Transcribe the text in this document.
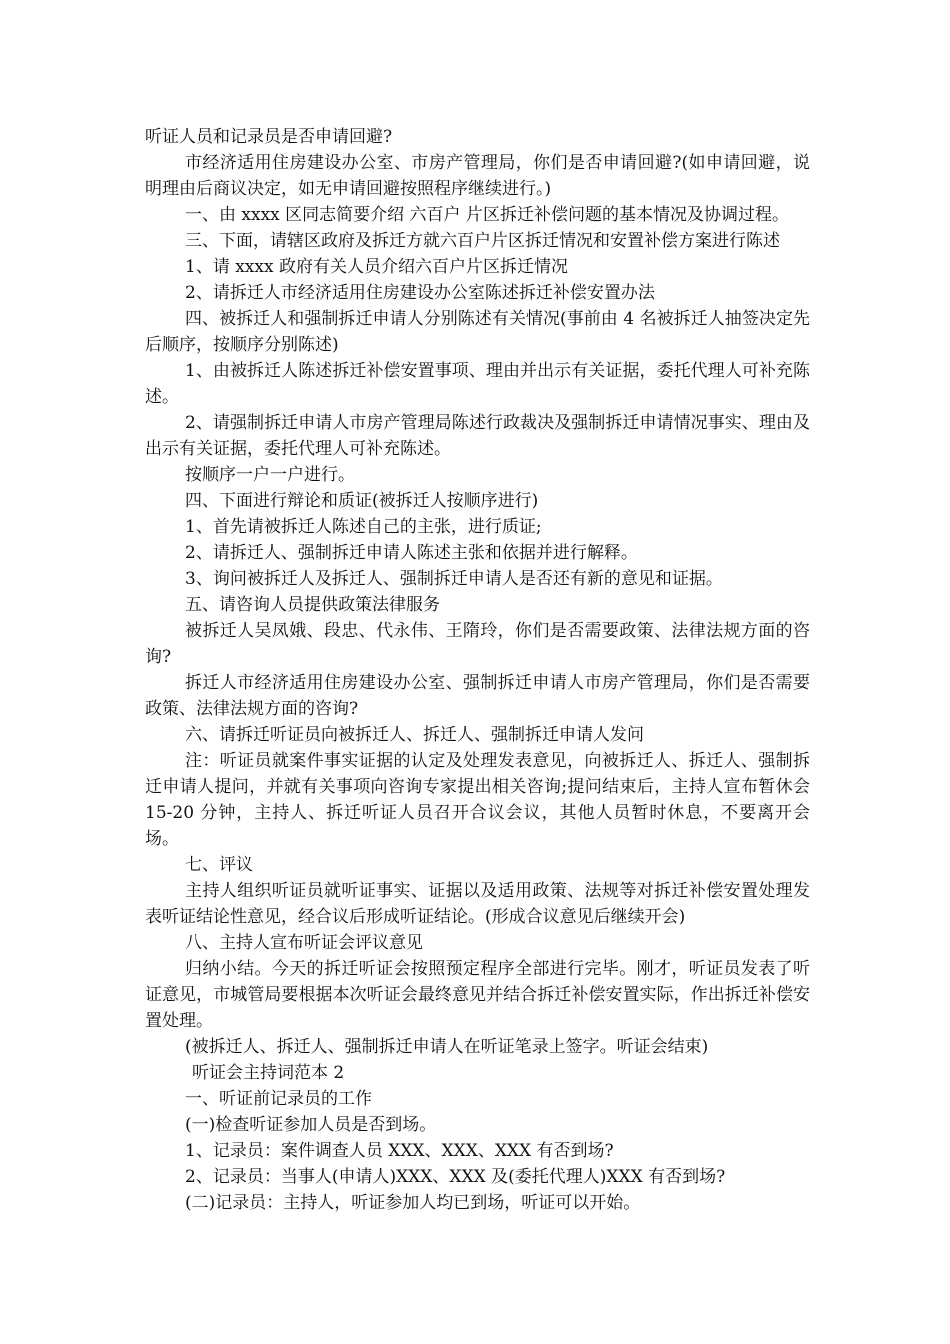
听证人员和记录员是否申请回避?

市经济适用住房建设办公室、市房产管理局，你们是否申请回避?(如申请回避，说明理由后商议决定，如无申请回避按照程序继续进行。)

一、由 xxxx 区同志简要介绍 六百户 片区拆迁补偿问题的基本情况及协调过程。

三、下面，请辖区政府及拆迁方就六百户片区拆迁情况和安置补偿方案进行陈述

1、请 xxxx 政府有关人员介绍六百户片区拆迁情况

2、请拆迁人市经济适用住房建设办公室陈述拆迁补偿安置办法

四、被拆迁人和强制拆迁申请人分别陈述有关情况(事前由 4 名被拆迁人抽签决定先后顺序，按顺序分别陈述)

1、由被拆迁人陈述拆迁补偿安置事项、理由并出示有关证据，委托代理人可补充陈述。

2、请强制拆迁申请人市房产管理局陈述行政裁决及强制拆迁申请情况事实、理由及出示有关证据，委托代理人可补充陈述。

按顺序一户一户进行。

四、下面进行辩论和质证(被拆迁人按顺序进行)

1、首先请被拆迁人陈述自己的主张，进行质证;

2、请拆迁人、强制拆迁申请人陈述主张和依据并进行解释。

3、询问被拆迁人及拆迁人、强制拆迁申请人是否还有新的意见和证据。

五、请咨询人员提供政策法律服务

被拆迁人吴凤娥、段忠、代永伟、王隋玲，你们是否需要政策、法律法规方面的咨询?

拆迁人市经济适用住房建设办公室、强制拆迁申请人市房产管理局，你们是否需要政策、法律法规方面的咨询?

六、请拆迁听证员向被拆迁人、拆迁人、强制拆迁申请人发问

注：听证员就案件事实证据的认定及处理发表意见，向被拆迁人、拆迁人、强制拆迁申请人提问，并就有关事项向咨询专家提出相关咨询;提问结束后，主持人宣布暂休会 15-20 分钟，主持人、拆迁听证人员召开合议会议，其他人员暂时休息，不要离开会场。

七、评议

主持人组织听证员就听证事实、证据以及适用政策、法规等对拆迁补偿安置处理发表听证结论性意见，经合议后形成听证结论。(形成合议意见后继续开会)

八、主持人宣布听证会评议意见

归纳小结。今天的拆迁听证会按照预定程序全部进行完毕。刚才，听证员发表了听证意见，市城管局要根据本次听证会最终意见并结合拆迁补偿安置实际，作出拆迁补偿安置处理。

(被拆迁人、拆迁人、强制拆迁申请人在听证笔录上签字。听证会结束)

听证会主持词范本 2

一、听证前记录员的工作

(一)检查听证参加人员是否到场。

1、记录员：案件调查人员 XXX、XXX、XXX 有否到场?

2、记录员：当事人(申请人)XXX、XXX 及(委托代理人)XXX 有否到场?

(二)记录员：主持人，听证参加人均已到场，听证可以开始。
